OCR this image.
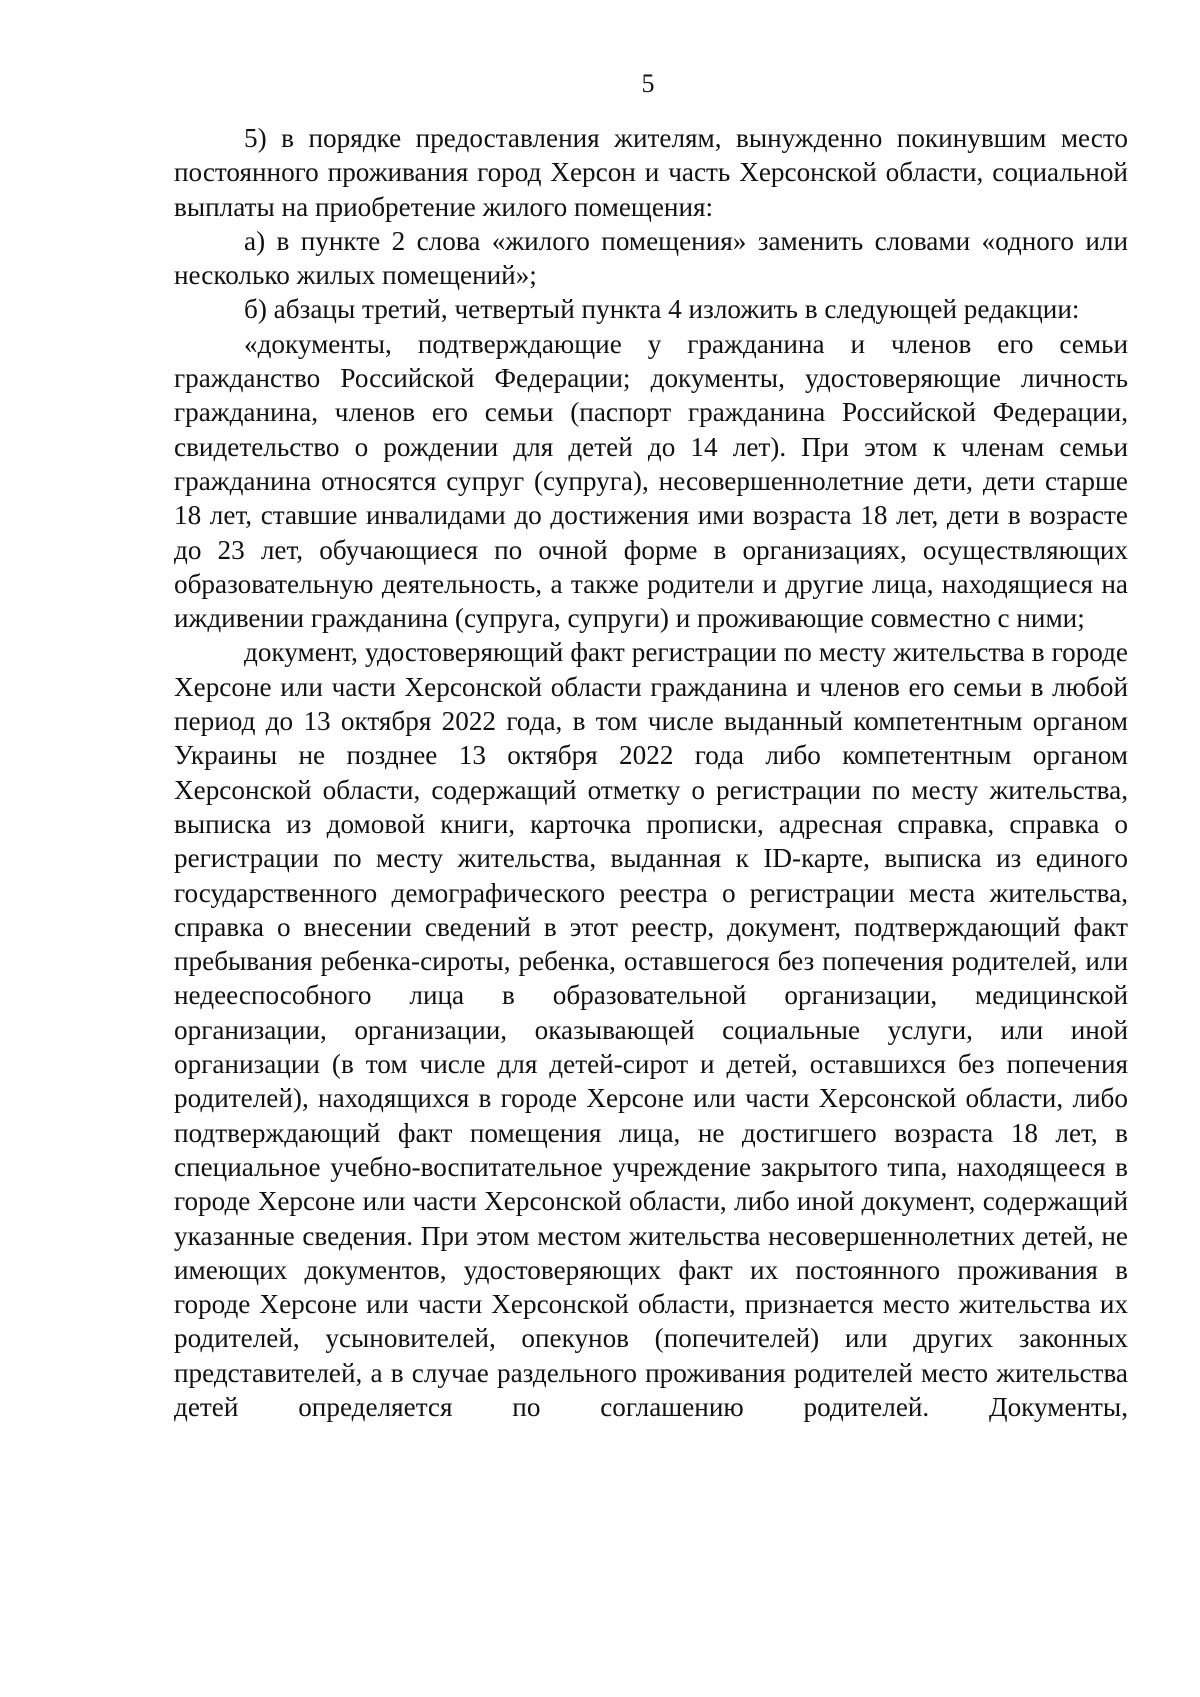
5

5) в порядке предоставления жителям, вынужденно покинувшим место постоянного проживания город Херсон и часть Херсонской области, социальной выплаты на приобретение жилого помещения:

а) в пункте 2 слова «жилого помещения» заменить словами «одного или несколько жилых помещений»;

б) абзацы третий, четвертый пункта 4 изложить в следующей редакции:

«документы, подтверждающие у гражданина и членов его семьи гражданство Российской Федерации; документы, удостоверяющие личность гражданина, членов его семьи (паспорт гражданина Российской Федерации, свидетельство о рождении для детей до 14 лет). При этом к членам семьи гражданина относятся супруг (супруга), несовершеннолетние дети, дети старше 18 лет, ставшие инвалидами до достижения ими возраста 18 лет, дети в возрасте до 23 лет, обучающиеся по очной форме в организациях, осуществляющих образовательную деятельность, а также родители и другие лица, находящиеся на иждивении гражданина (супруга, супруги) и проживающие совместно с ними;

документ, удостоверяющий факт регистрации по месту жительства в городе Херсоне или части Херсонской области гражданина и членов его семьи в любой период до 13 октября 2022 года, в том числе выданный компетентным органом Украины не позднее 13 октября 2022 года либо компетентным органом Херсонской области, содержащий отметку о регистрации по месту жительства, выписка из домовой книги, карточка прописки, адресная справка, справка о регистрации по месту жительства, выданная к ID-карте, выписка из единого государственного демографического реестра о регистрации места жительства, справка о внесении сведений в этот реестр, документ, подтверждающий факт пребывания ребенка-сироты, ребенка, оставшегося без попечения родителей, или недееспособного лица в образовательной организации, медицинской организации, организации, оказывающей социальные услуги, или иной организации (в том числе для детей-сирот и детей, оставшихся без попечения родителей), находящихся в городе Херсоне или части Херсонской области, либо подтверждающий факт помещения лица, не достигшего возраста 18 лет, в специальное учебно-воспитательное учреждение закрытого типа, находящееся в городе Херсоне или части Херсонской области, либо иной документ, содержащий указанные сведения. При этом местом жительства несовершеннолетних детей, не имеющих документов, удостоверяющих факт их постоянного проживания в городе Херсоне или части Херсонской области, признается место жительства их родителей, усыновителей, опекунов (попечителей) или других законных представителей, а в случае раздельного проживания родителей место жительства детей определяется по соглашению родителей. Документы,
